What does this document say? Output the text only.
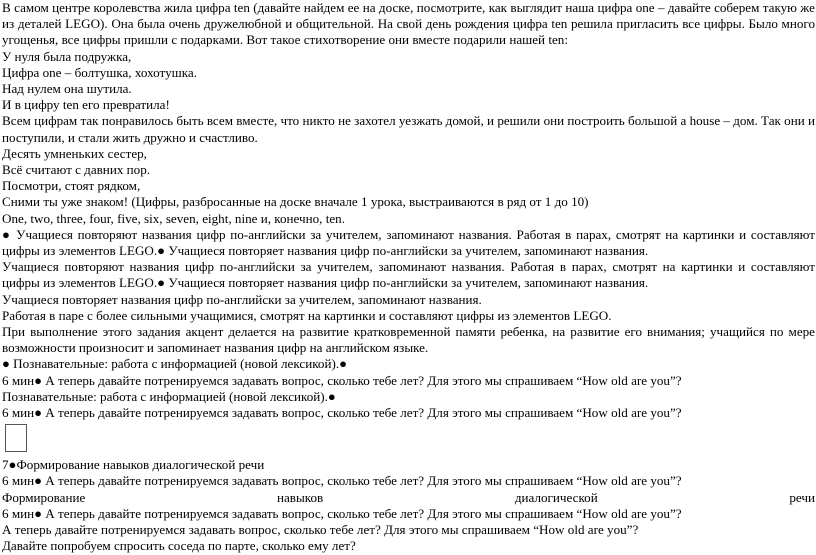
В самом центре королевства жила цифра ten (давайте найдем ее на доске, посмотрите, как выглядит наша цифра one – давайте соберем такую же из деталей LEGO). Она была очень дружелюбной и общительной. На свой день рождения цифра ten решила пригласить все цифры. Было много угощенья, все цифры пришли с подарками. Вот такое стихотворение они вместе подарили нашей ten:

У нуля была подружка,

Цифра one – болтушка, хохотушка.

Над нулем она шутила.

И в цифру ten его превратила!

Всем цифрам так понравилось быть всем вместе, что никто не захотел уезжать домой, и решили они построить большой а house – дом. Так они и поступили, и стали жить дружно и счастливо.

Десять умненьких сестер,

Всё считают с давних пор.

Посмотри, стоят рядком,

Сними ты уже знаком! (Цифры, разбросанные на доске вначале 1 урока, выстраиваются в ряд от 1 до 10)

One, two, three, four, five, six, seven, eight, nine и, конечно, ten.

● Учащиеся повторяют названия цифр по-английски за учителем, запоминают названия. Работая в парах, смотрят на картинки и составляют цифры из элементов LEGO.● Учащиеся повторяет названия цифр по-английски за учителем, запоминают названия.

Учащиеся повторяют названия цифр по-английски за учителем, запоминают названия. Работая в парах, смотрят на картинки и составляют цифры из элементов LEGO.● Учащиеся повторяет названия цифр по-английски за учителем, запоминают названия.

Учащиеся повторяет названия цифр по-английски за учителем, запоминают названия.

Работая в паре с более сильными учащимися, смотрят на картинки и составляют цифры из элементов LEGO.

При выполнение этого задания акцент делается на развитие кратковременной памяти ребенка, на развитие его внимания; учащийся по мере возможности произносит и запоминает названия цифр на английском языке.

● Познавательные: работа с информацией (новой лексикой).●

6 мин● А теперь давайте потренируемся задавать вопрос, сколько тебе лет? Для этого мы спрашиваем “How old are you”?

Познавательные: работа с информацией (новой лексикой).●

6 мин● А теперь давайте потренируемся задавать вопрос, сколько тебе лет? Для этого мы спрашиваем “How old are you”?

7●Формирование навыков диалогической речи

6 мин● А теперь давайте потренируемся задавать вопрос, сколько тебе лет? Для этого мы спрашиваем “How old are you”?

Формирование	навыков	диалогической	речи

6 мин● А теперь давайте потренируемся задавать вопрос, сколько тебе лет? Для этого мы спрашиваем “How old are you”?

А теперь давайте потренируемся задавать вопрос, сколько тебе лет? Для этого мы спрашиваем “How old are you”?

Давайте попробуем спросить соседа по парте, сколько ему лет?
